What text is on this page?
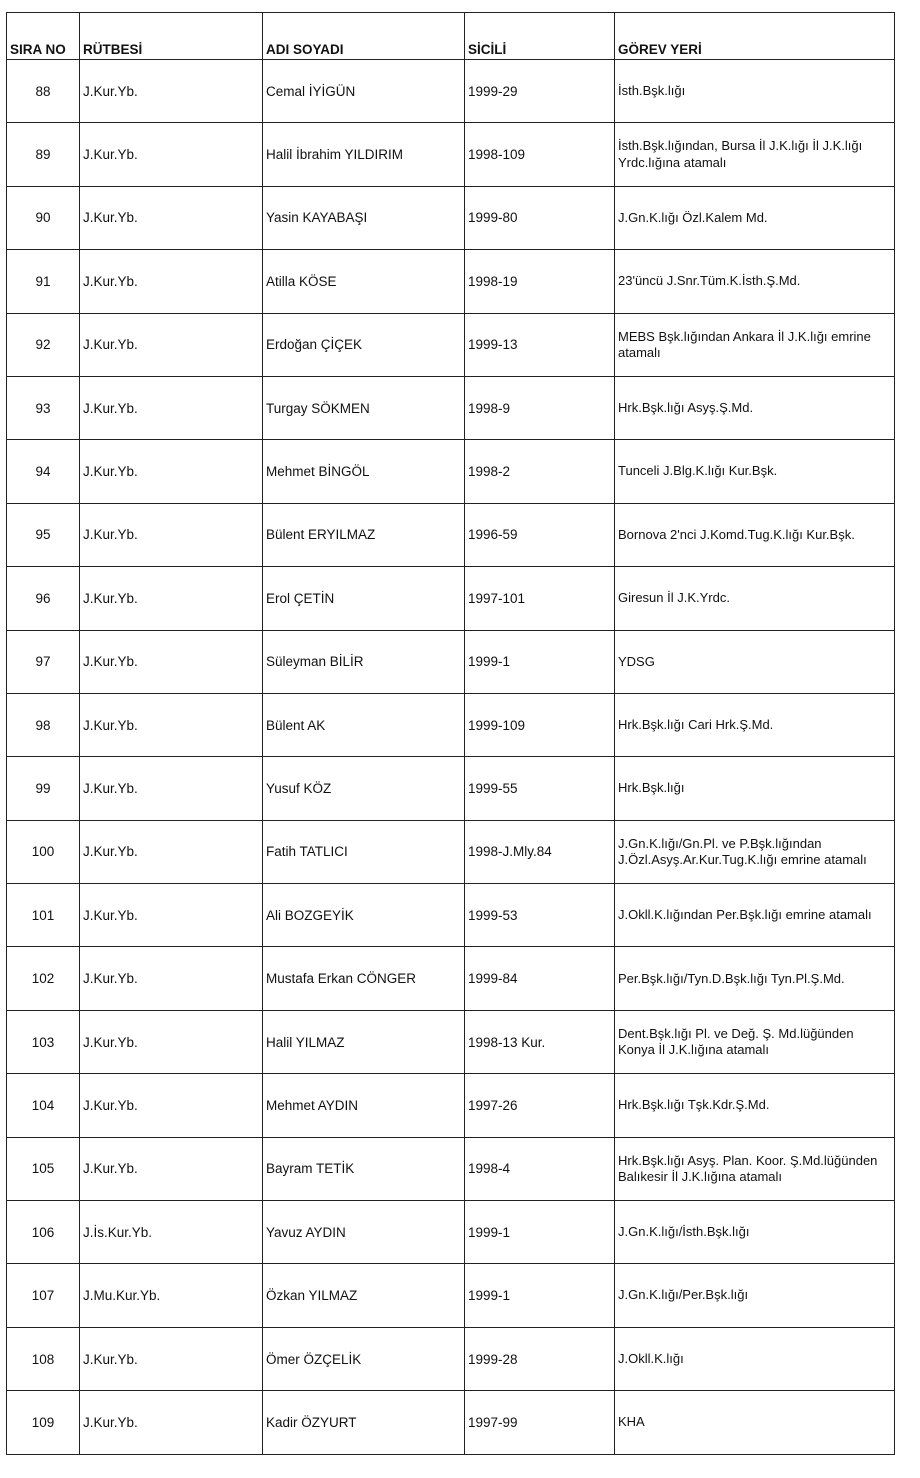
SIRA NO	RÜTBESİ	ADI SOYADI	SİCİLİ	GÖREV YERİ
88	J.Kur.Yb.	Cemal İYİGÜN	1999-29	İsth.Bşk.lığı
89	J.Kur.Yb.	Halil İbrahim YILDIRIM	1998-109	İsth.Bşk.lığından, Bursa İl J.K.lığı İl J.K.lığı Yrdc.lığına atamalı
90	J.Kur.Yb.	Yasin KAYABAŞI	1999-80	J.Gn.K.lığı Özl.Kalem Md.
91	J.Kur.Yb.	Atilla KÖSE	1998-19	23'üncü J.Snr.Tüm.K.İsth.Ş.Md.
92	J.Kur.Yb.	Erdoğan ÇİÇEK	1999-13	MEBS Bşk.lığından Ankara İl J.K.lığı emrine atamalı
93	J.Kur.Yb.	Turgay SÖKMEN	1998-9	Hrk.Bşk.lığı Asyş.Ş.Md.
94	J.Kur.Yb.	Mehmet BİNGÖL	1998-2	Tunceli J.Blg.K.lığı Kur.Bşk.
95	J.Kur.Yb.	Bülent ERYILMAZ	1996-59	Bornova 2'nci J.Komd.Tug.K.lığı Kur.Bşk.
96	J.Kur.Yb.	Erol ÇETİN	1997-101	Giresun İl J.K.Yrdc.
97	J.Kur.Yb.	Süleyman BİLİR	1999-1	YDSG
98	J.Kur.Yb.	Bülent AK	1999-109	Hrk.Bşk.lığı Cari Hrk.Ş.Md.
99	J.Kur.Yb.	Yusuf KÖZ	1999-55	Hrk.Bşk.lığı
100	J.Kur.Yb.	Fatih TATLICI	1998-J.Mly.84	J.Gn.K.lığı/Gn.Pl. ve P.Bşk.lığından J.Özl.Asyş.Ar.Kur.Tug.K.lığı emrine atamalı
101	J.Kur.Yb.	Ali BOZGEYİK	1999-53	J.Okll.K.lığından Per.Bşk.lığı emrine atamalı
102	J.Kur.Yb.	Mustafa Erkan CÖNGER	1999-84	Per.Bşk.lığı/Tyn.D.Bşk.lığı Tyn.Pl.Ş.Md.
103	J.Kur.Yb.	Halil YILMAZ	1998-13 Kur.	Dent.Bşk.lığı Pl. ve Değ. Ş. Md.lüğünden Konya İl J.K.lığına atamalı
104	J.Kur.Yb.	Mehmet AYDIN	1997-26	Hrk.Bşk.lığı Tşk.Kdr.Ş.Md.
105	J.Kur.Yb.	Bayram TETİK	1998-4	Hrk.Bşk.lığı Asyş. Plan. Koor. Ş.Md.lüğünden Balıkesir İl J.K.lığına atamalı
106	J.İs.Kur.Yb.	Yavuz AYDIN	1999-1	J.Gn.K.lığı/İsth.Bşk.lığı
107	J.Mu.Kur.Yb.	Özkan YILMAZ	1999-1	J.Gn.K.lığı/Per.Bşk.lığı
108	J.Kur.Yb.	Ömer ÖZÇELİK	1999-28	J.Okll.K.lığı
109	J.Kur.Yb.	Kadir ÖZYURT	1997-99	KHA
